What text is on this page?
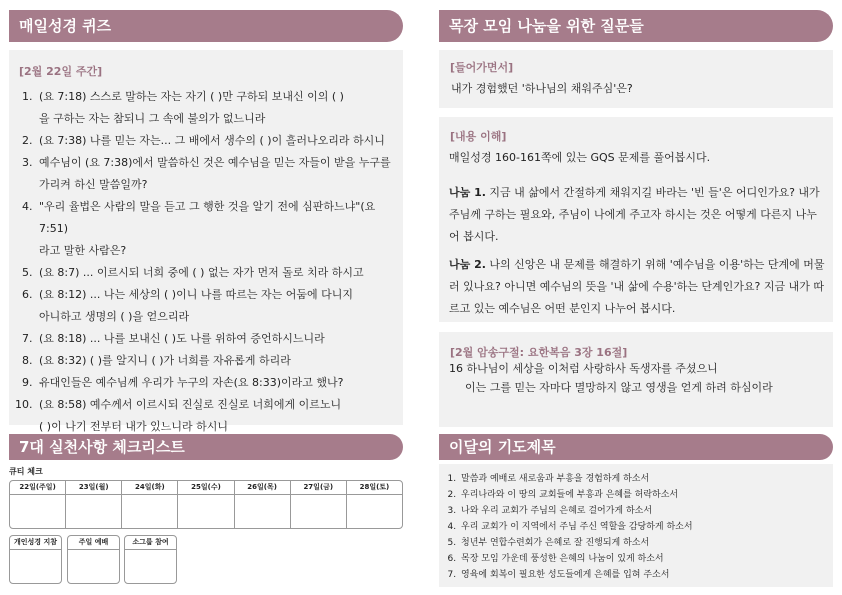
매일성경 퀴즈
[2월 22일 주간]
1. (요 7:18) 스스로 말하는 자는 자기 ( )만 구하되 보내신 이의 ( )
을 구하는 자는 참되니 그 속에 불의가 없느니라
2. (요 7:38) 나를 믿는 자는... 그 배에서 생수의 ( )이 흘러나오리라 하시니
3. 예수님이 (요 7:38)에서 말씀하신 것은 예수님을 믿는 자들이 받을 누구를
가리켜 하신 말씀일까?
4. "우리 율법은 사람의 말을 듣고 그 행한 것을 알기 전에 심판하느냐"(요 7:51)
라고 말한 사람은?
5. (요 8:7) ... 이르시되 너희 중에 ( ) 없는 자가 먼저 돌로 치라 하시고
6. (요 8:12) ... 나는 세상의 ( )이니 나를 따르는 자는 어둠에 다니지
아니하고 생명의 ( )을 얻으리라
7. (요 8:18) ... 나를 보내신 ( )도 나를 위하여 증언하시느니라
8. (요 8:32) ( )를 알지니 ( )가 너희를 자유롭게 하리라
9. 유대인들은 예수님께 우리가 누구의 자손(요 8:33)이라고 했나?
10. (요 8:58) 예수께서 이르시되 진실로 진실로 너희에게 이르노니
( )이 나기 전부터 내가 있느니라 하시니
7대 실천사항 체크리스트
큐티 체크
22일(주일)	23일(월)	24일(화)	25일(수)	26일(목)	27일(금)	28일(토)
개인성경 지참	주일 예배	소그룹 참여
목장 모임 나눔을 위한 질문들
[들어가면서]
내가 경험했던 '하나님의 채워주심'은?
[내용 이해]
매일성경 160-161쪽에 있는 GQS 문제를 풀어봅시다.

나눔 1. 지금 내 삶에서 간절하게 채워지길 바라는 '빈 들'은 어디인가요? 내가 주님께 구하는 필요와, 주님이 나에게 주고자 하시는 것은 어떻게 다른지 나누어 봅시다.

나눔 2. 나의 신앙은 내 문제를 해결하기 위해 '예수님을 이용'하는 단계에 머물러 있나요? 아니면 예수님의 뜻을 '내 삶에 수용'하는 단계인가요? 지금 내가 따르고 있는 예수님은 어떤 분인지 나누어 봅시다.

[2월 암송구절: 요한복음 3장 16절]
16 하나님이 세상을 이처럼 사랑하사 독생자를 주셨으니
이는 그를 믿는 자마다 멸망하지 않고 영생을 얻게 하려 하심이라
이달의 기도제목
1. 말씀과 예배로 새로움과 부흥을 경험하게 하소서
2. 우리나라와 이 땅의 교회들에 부흥과 은혜를 허락하소서
3. 나와 우리 교회가 주님의 은혜로 걸어가게 하소서
4. 우리 교회가 이 지역에서 주님 주신 역할을 감당하게 하소서
5. 청년부 연합수련회가 은혜로 잘 진행되게 하소서
6. 목장 모임 가운데 풍성한 은혜의 나눔이 있게 하소서
7. 영육에 회복이 필요한 성도들에게 은혜를 입혀 주소서
